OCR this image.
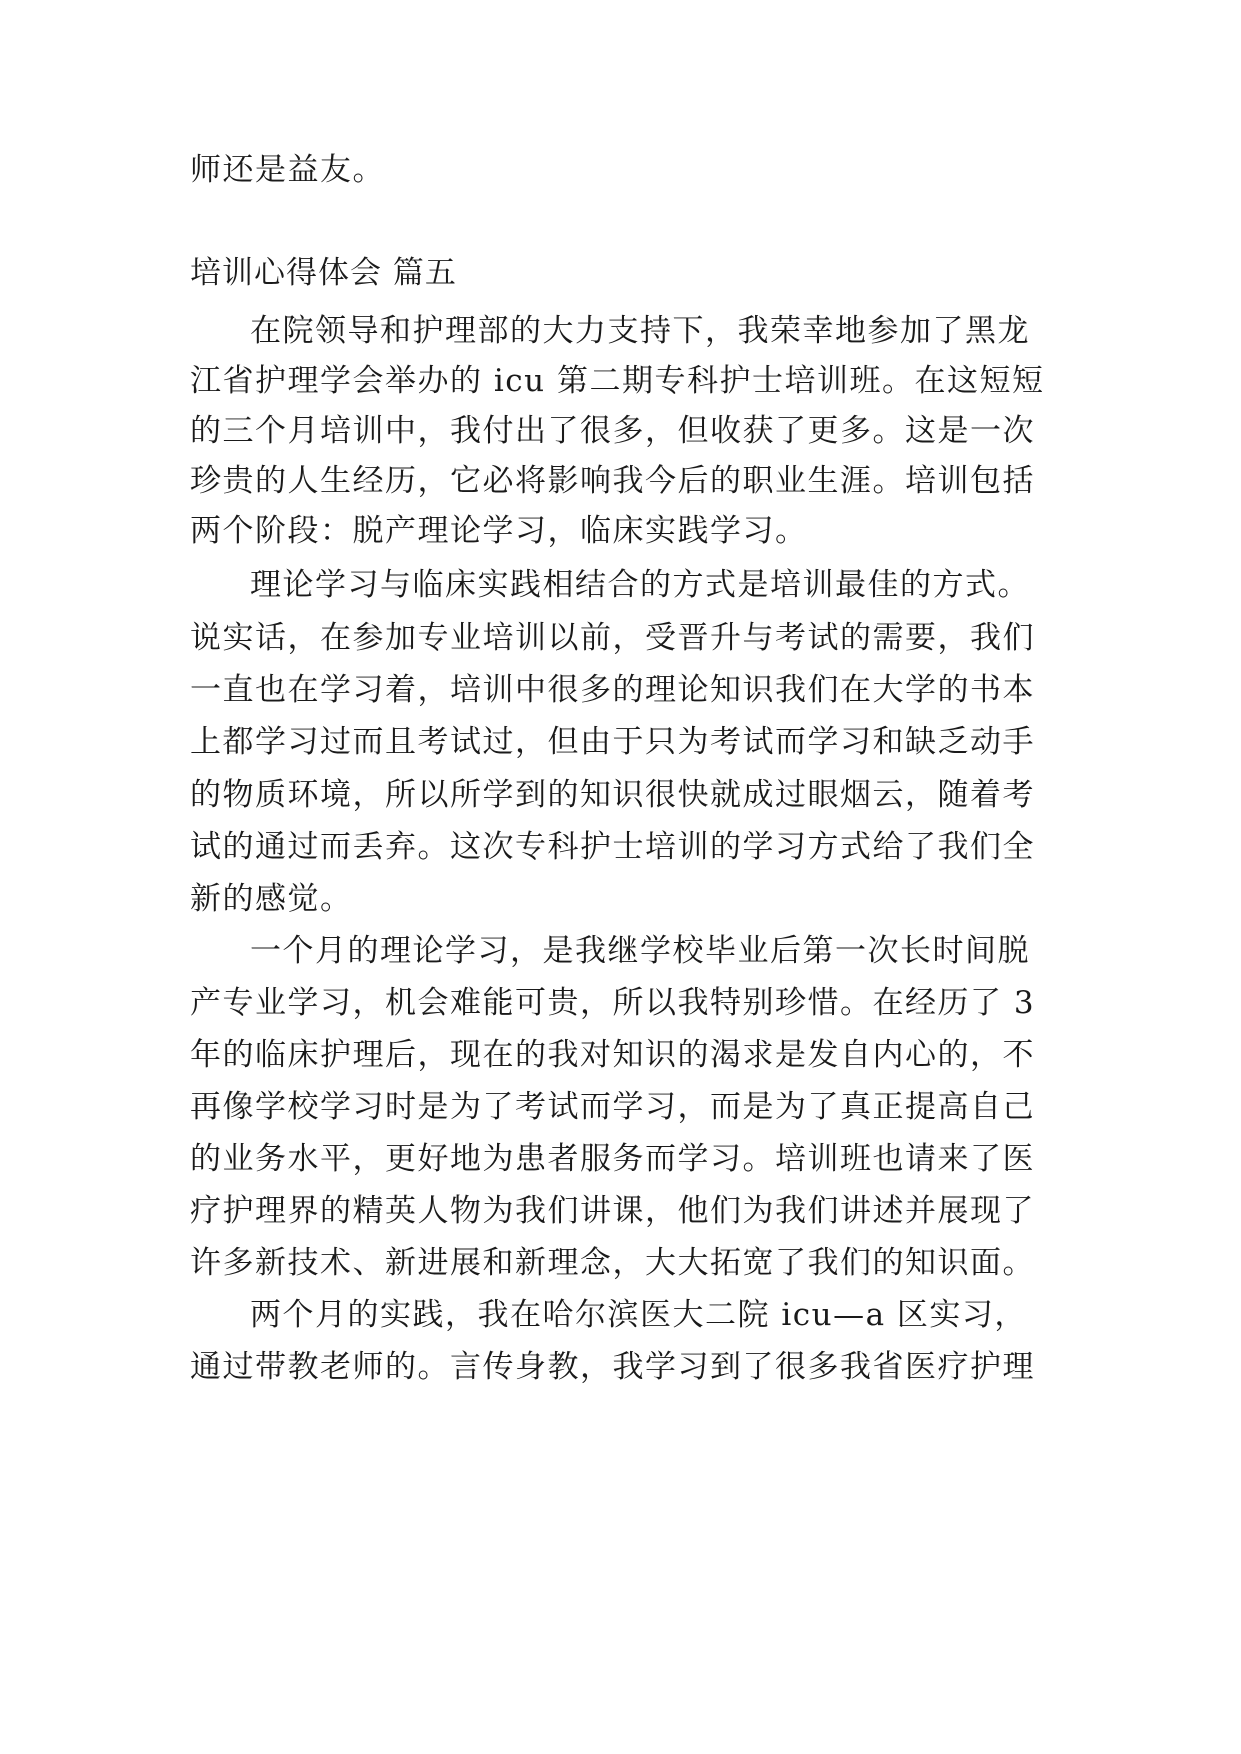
师还是益友。
培训心得体会 篇五
在院领导和护理部的大力支持下，我荣幸地参加了黑龙
江省护理学会举办的 icu 第二期专科护士培训班。在这短短
的三个月培训中，我付出了很多，但收获了更多。这是一次
珍贵的人生经历，它必将影响我今后的职业生涯。培训包括
两个阶段：脱产理论学习，临床实践学习。
理论学习与临床实践相结合的方式是培训最佳的方式。
说实话，在参加专业培训以前，受晋升与考试的需要，我们
一直也在学习着，培训中很多的理论知识我们在大学的书本
上都学习过而且考试过，但由于只为考试而学习和缺乏动手
的物质环境，所以所学到的知识很快就成过眼烟云，随着考
试的通过而丢弃。这次专科护士培训的学习方式给了我们全
新的感觉。
一个月的理论学习，是我继学校毕业后第一次长时间脱
产专业学习，机会难能可贵，所以我特别珍惜。在经历了 3
年的临床护理后，现在的我对知识的渴求是发自内心的，不
再像学校学习时是为了考试而学习，而是为了真正提高自己
的业务水平，更好地为患者服务而学习。培训班也请来了医
疗护理界的精英人物为我们讲课，他们为我们讲述并展现了
许多新技术、新进展和新理念，大大拓宽了我们的知识面。
两个月的实践，我在哈尔滨医大二院 icu—a 区实习，
通过带教老师的。言传身教，我学习到了很多我省医疗护理
